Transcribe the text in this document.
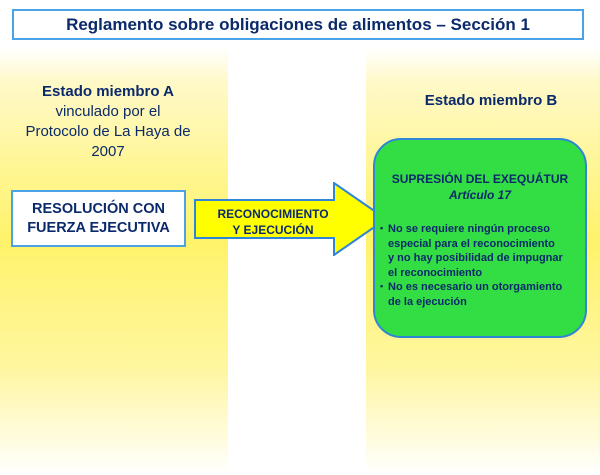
Reglamento sobre obligaciones de alimentos – Sección 1
Estado miembro A
vinculado por el
Protocolo de La Haya de
2007
Estado miembro B
RESOLUCIÓN CON
FUERZA EJECUTIVA
RECONOCIMIENTO
Y EJECUCIÓN
SUPRESIÓN DEL EXEQUÁTUR
Artículo 17
• No se requiere ningún proceso
especial para el reconocimiento
y no hay posibilidad de impugnar
el reconocimiento
• No es necesario un otorgamiento
de la ejecución
